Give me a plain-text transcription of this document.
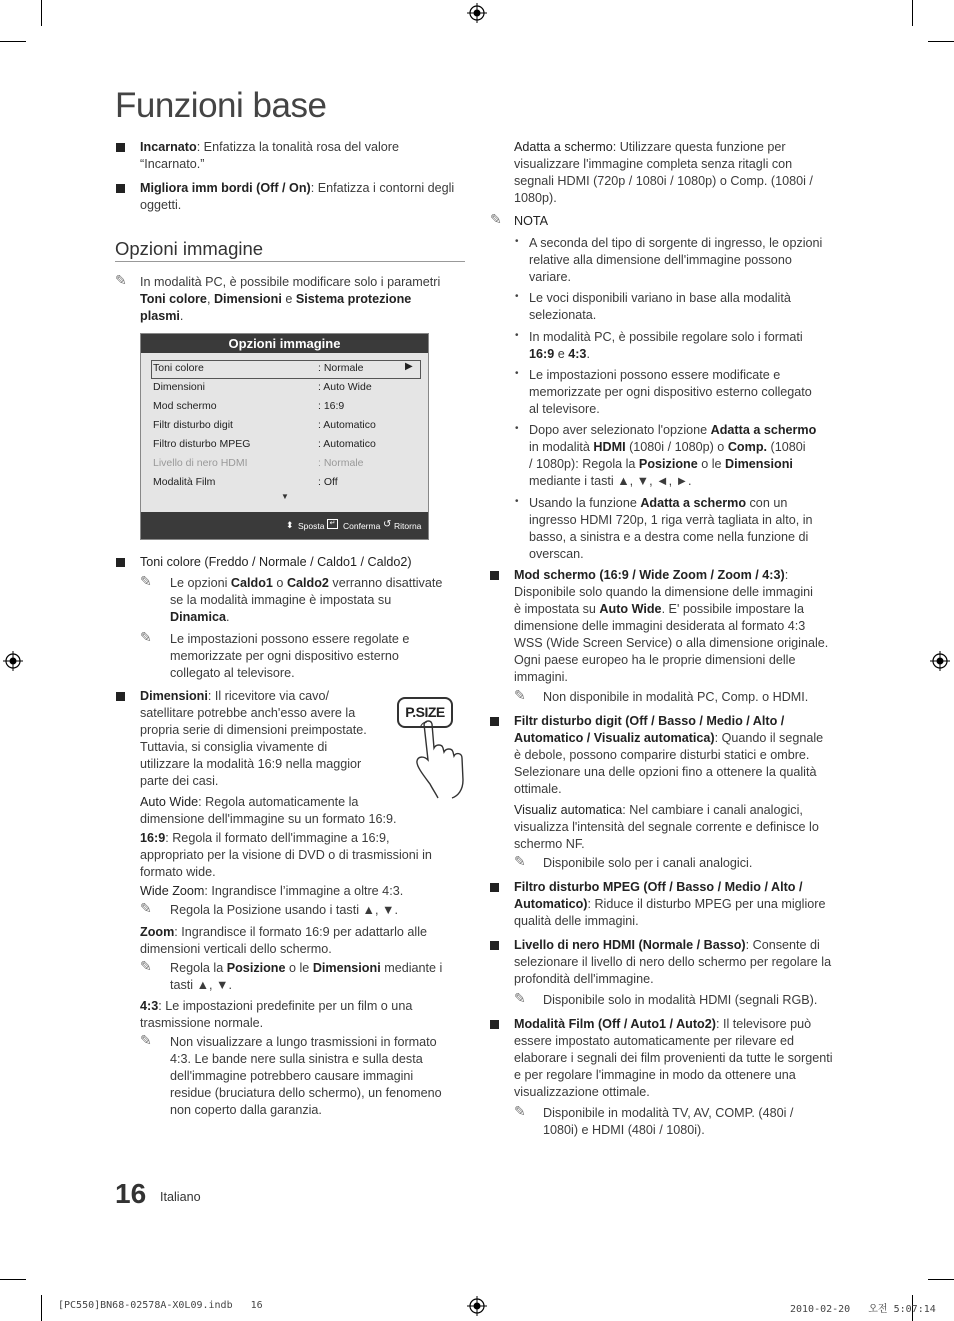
Funzioni base
Incarnato: Enfatizza la tonalità rosa del valore
“Incarnato.”
Migliora imm bordi (Off / On): Enfatizza i contorni degli
oggetti.
Opzioni immagine
✎ In modalità PC, è possibile modificare solo i parametri
Toni colore, Dimensioni e Sistema protezione
plasmi.
Opzioni immagine
Toni colore	: Normale	▶
Dimensioni	: Auto Wide
Mod schermo	: 16:9
Filtr disturbo digit	: Automatico
Filtro disturbo MPEG	: Automatico
Livello di nero HDMI	: Normale
Modalità Film	: Off
▼
⬍ Sposta ↵ Conferma ↺ Ritorna
Toni colore (Freddo / Normale / Caldo1 / Caldo2)
✎ Le opzioni Caldo1 o Caldo2 verranno disattivate
se la modalità immagine è impostata su
Dinamica.
✎ Le impostazioni possono essere regolate e
memorizzate per ogni dispositivo esterno
collegato al televisore.
Dimensioni: Il ricevitore via cavo/
satellitare potrebbe anch'esso avere la
propria serie di dimensioni preimpostate.
Tuttavia, si consiglia vivamente di
utilizzare la modalità 16:9 nella maggior
parte dei casi.
P.SIZE
Auto Wide: Regola automaticamente la
dimensione dell'immagine su un formato 16:9.
16:9: Regola il formato dell'immagine a 16:9,
appropriato per la visione di DVD o di trasmissioni in
formato wide.
Wide Zoom: Ingrandisce l’immagine a oltre 4:3.
✎ Regola la Posizione usando i tasti ▲, ▼.
Zoom: Ingrandisce il formato 16:9 per adattarlo alle
dimensioni verticali dello schermo.
✎ Regola la Posizione o le Dimensioni mediante i
tasti ▲, ▼.
4:3: Le impostazioni predefinite per un film o una
trasmissione normale.
✎ Non visualizzare a lungo trasmissioni in formato
4:3. Le bande nere sulla sinistra e sulla desta
dell'immagine potrebbero causare immagini
residue (bruciatura dello schermo), un fenomeno
non coperto dalla garanzia.
Adatta a schermo: Utilizzare questa funzione per
visualizzare l'immagine completa senza ritagli con
segnali HDMI (720p / 1080i / 1080p) o Comp. (1080i /
1080p).
✎ NOTA
• A seconda del tipo di sorgente di ingresso, le opzioni
relative alla dimensione dell'immagine possono
variare.
• Le voci disponibili variano in base alla modalità
selezionata.
• In modalità PC, è possibile regolare solo i formati
16:9 e 4:3.
• Le impostazioni possono essere modificate e
memorizzate per ogni dispositivo esterno collegato
al televisore.
• Dopo aver selezionato l'opzione Adatta a schermo
in modalità HDMI (1080i / 1080p) o Comp. (1080i
/ 1080p): Regola la Posizione o le Dimensioni
mediante i tasti ▲, ▼, ◄, ►.
• Usando la funzione Adatta a schermo con un
ingresso HDMI 720p, 1 riga verrà tagliata in alto, in
basso, a sinistra e a destra come nella funzione di
overscan.
Mod schermo (16:9 / Wide Zoom / Zoom / 4:3):
Disponibile solo quando la dimensione delle immagini
è impostata su Auto Wide. E' possibile impostare la
dimensione delle immagini desiderata al formato 4:3
WSS (Wide Screen Service) o alla dimensione originale.
Ogni paese europeo ha le proprie dimensioni delle
immagini.
✎ Non disponibile in modalità PC, Comp. o HDMI.
Filtr disturbo digit (Off / Basso / Medio / Alto /
Automatico / Visualiz automatica): Quando il segnale
è debole, possono comparire disturbi statici e ombre.
Selezionare una delle opzioni fino a ottenere la qualità
ottimale.
Visualiz automatica: Nel cambiare i canali analogici,
visualizza l'intensità del segnale corrente e definisce lo
schermo NF.
✎ Disponibile solo per i canali analogici.
Filtro disturbo MPEG (Off / Basso / Medio / Alto /
Automatico): Riduce il disturbo MPEG per una migliore
qualità delle immagini.
Livello di nero HDMI (Normale / Basso): Consente di
selezionare il livello di nero dello schermo per regolare la
profondità dell'immagine.
✎ Disponibile solo in modalità HDMI (segnali RGB).
Modalità Film (Off / Auto1 / Auto2): Il televisore può
essere impostato automaticamente per rilevare ed
elaborare i segnali dei film provenienti da tutte le sorgenti
e per regolare l'immagine in modo da ottenere una
visualizzazione ottimale.
✎ Disponibile in modalità TV, AV, COMP. (480i /
1080i) e HDMI (480i / 1080i).
16 Italiano
[PC550]BN68-02578A-X0L09.indb   16	2010-02-20   오전 5:07:14
